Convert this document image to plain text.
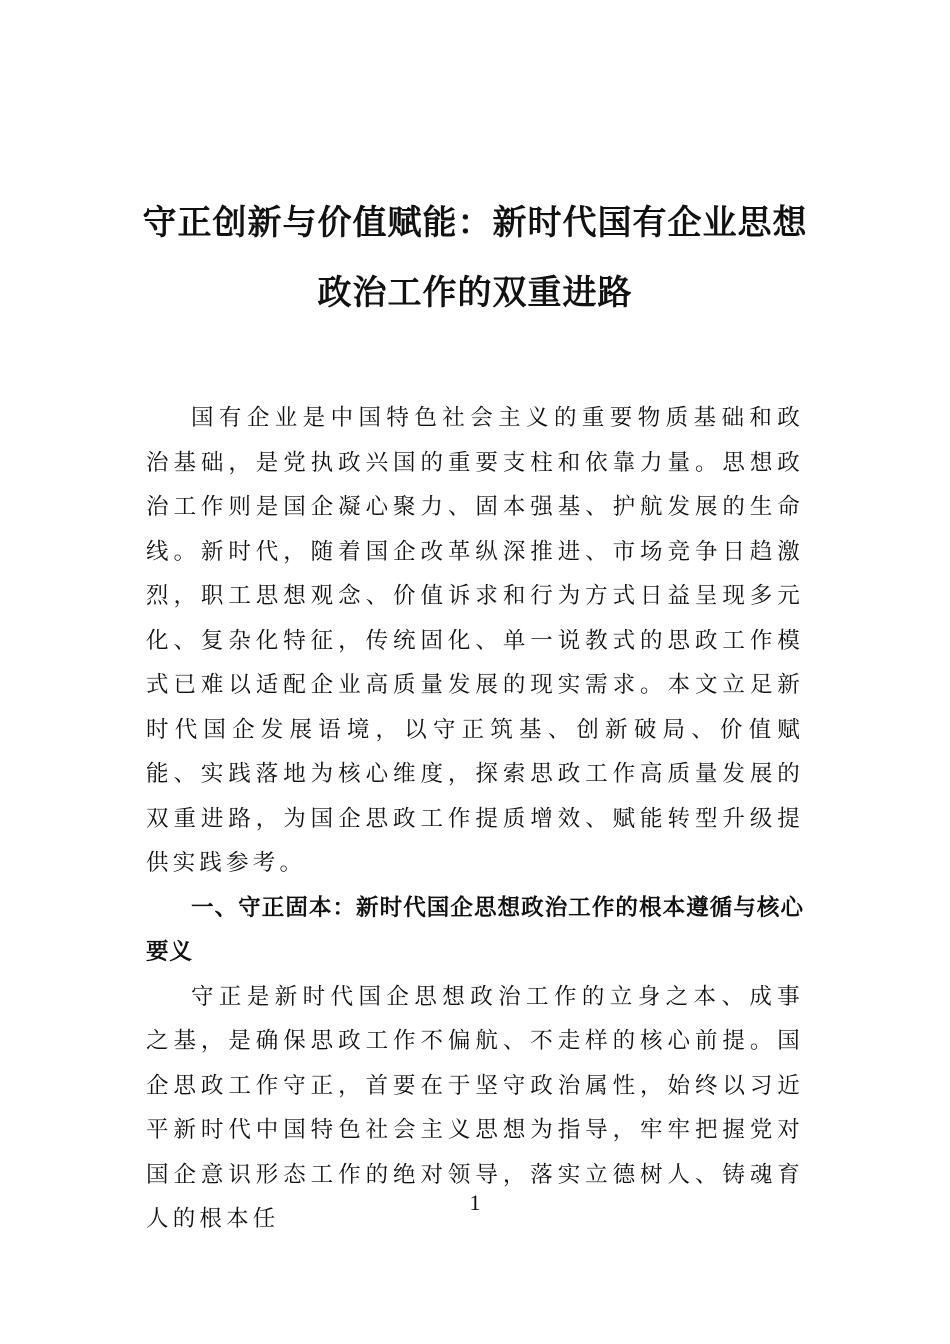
守正创新与价值赋能：新时代国有企业思想政治工作的双重进路

国有企业是中国特色社会主义的重要物质基础和政治基础，是党执政兴国的重要支柱和依靠力量。思想政治工作则是国企凝心聚力、固本强基、护航发展的生命线。新时代，随着国企改革纵深推进、市场竞争日趋激烈，职工思想观念、价值诉求和行为方式日益呈现多元化、复杂化特征，传统固化、单一说教式的思政工作模式已难以适配企业高质量发展的现实需求。本文立足新时代国企发展语境，以守正筑基、创新破局、价值赋能、实践落地为核心维度，探索思政工作高质量发展的双重进路，为国企思政工作提质增效、赋能转型升级提供实践参考。

一、守正固本：新时代国企思想政治工作的根本遵循与核心要义

守正是新时代国企思想政治工作的立身之本、成事之基，是确保思政工作不偏航、不走样的核心前提。国企思政工作守正，首要在于坚守政治属性，始终以习近平新时代中国特色社会主义思想为指导，牢牢把握党对国企意识形态工作的绝对领导，落实立德树人、铸魂育人的根本任

1
